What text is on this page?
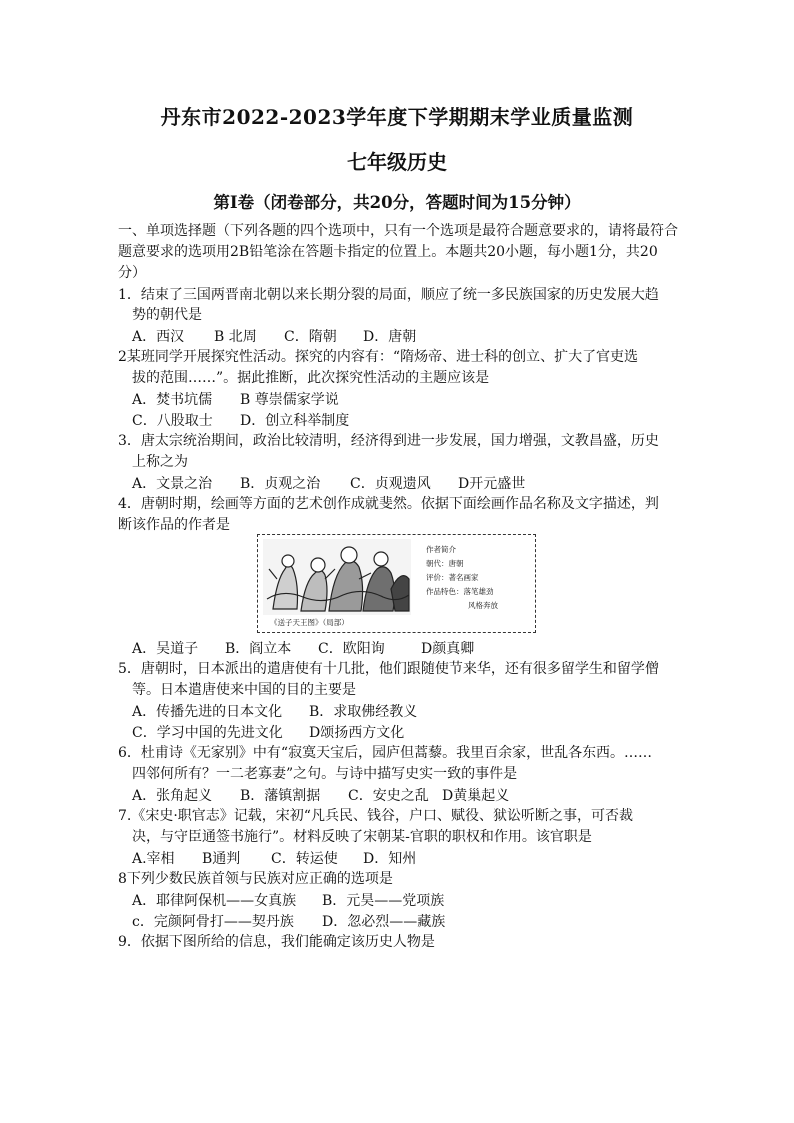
丹东市2022-2023学年度下学期期末学业质量监测
七年级历史
第Ⅰ卷（闭卷部分，共20分，答题时间为15分钟）
一、单项选择题（下列各题的四个选项中，只有一个选项是最符合题意要求的，请将最符合
题意要求的选项用2B铅笔涂在答题卡指定的位置上。本题共20小题，每小题1分，共20
分）
1．结束了三国两晋南北朝以来长期分裂的局面，顺应了统一多民族国家的历史发展大趋
势的朝代是
A．西汉 B 北周 C．隋朝 D．唐朝
2某班同学开展探究性活动。探究的内容有：“隋炀帝、进士科的创立、扩大了官吏选
拔的范围……”。据此推断，此次探究性活动的主题应该是
A．焚书坑儒 B 尊崇儒家学说
C．八股取士 D．创立科举制度
3．唐太宗统治期间，政治比较清明，经济得到进一步发展，国力增强，文教昌盛，历史
上称之为
A．文景之治 B．贞观之治 C．贞观遗风 D开元盛世
4．唐朝时期，绘画等方面的艺术创作成就斐然。依据下面绘画作品名称及文字描述，判
断该作品的作者是
《送子天王图》（局部）
作者简介
朝代：唐朝
评价：著名画家
作品特色：落笔雄劲
风格奔放
A．吴道子 B．阎立本 C．欧阳询	D颜真卿
5．唐朝时，日本派出的遣唐使有十几批，他们跟随使节来华，还有很多留学生和留学僧
等。日本遣唐使来中国的目的主要是
A．传播先进的日本文化 B．求取佛经教义
C．学习中国的先进文化 D颂扬西方文化
6．杜甫诗《无家别》中有“寂寞天宝后，园庐但蒿藜。我里百余家，世乱各东西。……
四邻何所有？一二老寡妻”之句。与诗中描写史实一致的事件是
A．张角起义 B．藩镇割据 C．安史之乱 D黄巢起义
7.《宋史·职官志》记载，宋初“凡兵民、钱谷，户口、赋役、狱讼听断之事，可否裁
决，与守臣通签书施行”。材料反映了宋朝某-官职的职权和作用。该官职是
A.宰相 B通判 C．转运使 D．知州
8下列少数民族首领与民族对应正确的选项是
A．耶律阿保机——女真族 B．元昊——党项族
c．完颜阿骨打——契丹族 D．忽必烈——藏族
9．依据下图所给的信息，我们能确定该历史人物是
